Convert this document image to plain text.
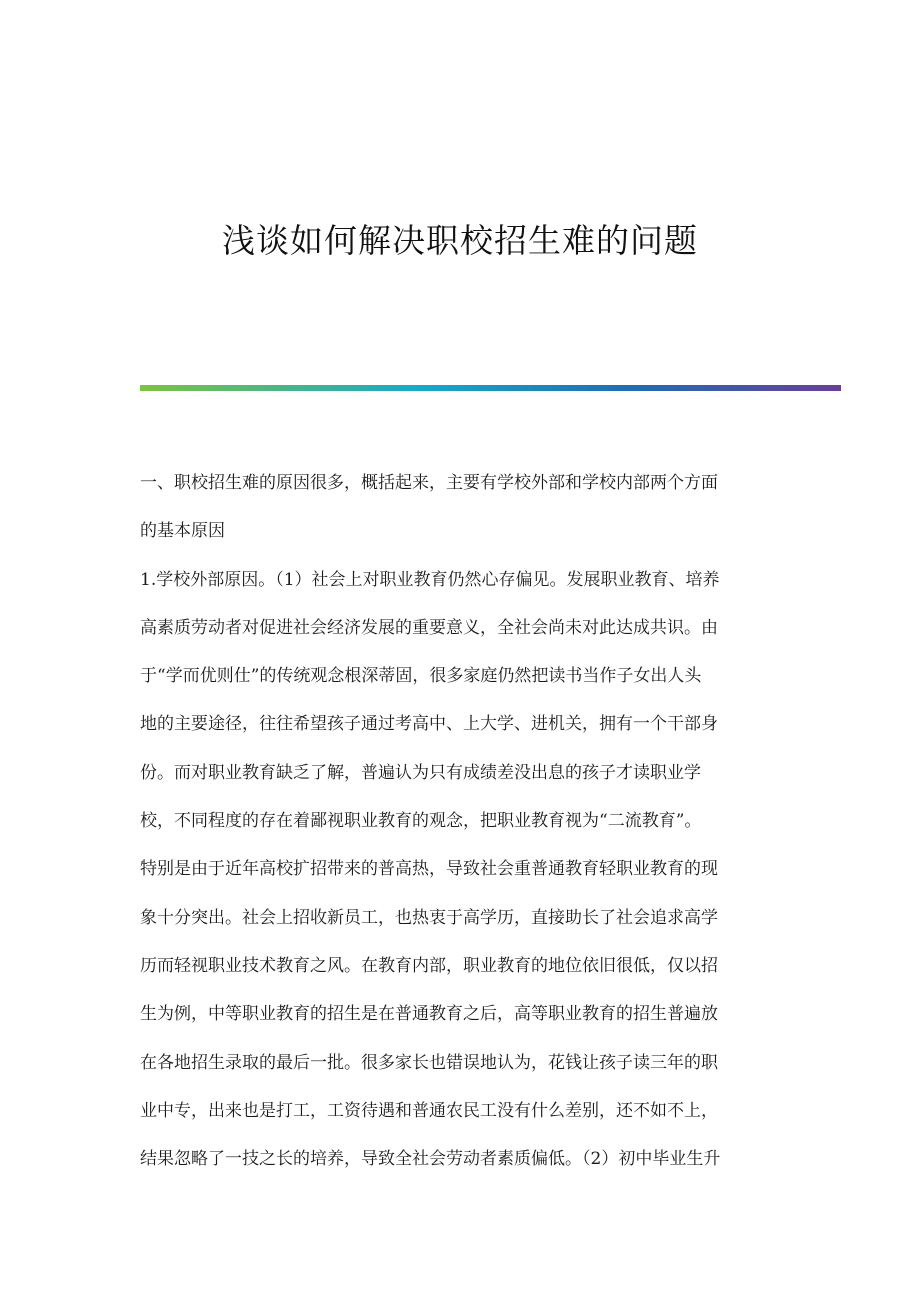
浅谈如何解决职校招生难的问题
一、职校招生难的原因很多，概括起来，主要有学校外部和学校内部两个方面
的基本原因
1.学校外部原因。（1）社会上对职业教育仍然心存偏见。发展职业教育、培养
高素质劳动者对促进社会经济发展的重要意义，全社会尚未对此达成共识。由
于“学而优则仕”的传统观念根深蒂固，很多家庭仍然把读书当作子女出人头
地的主要途径，往往希望孩子通过考高中、上大学、进机关，拥有一个干部身
份。而对职业教育缺乏了解，普遍认为只有成绩差没出息的孩子才读职业学
校，不同程度的存在着鄙视职业教育的观念，把职业教育视为“二流教育”。
特别是由于近年高校扩招带来的普高热，导致社会重普通教育轻职业教育的现
象十分突出。社会上招收新员工，也热衷于高学历，直接助长了社会追求高学
历而轻视职业技术教育之风。在教育内部，职业教育的地位依旧很低，仅以招
生为例，中等职业教育的招生是在普通教育之后，高等职业教育的招生普遍放
在各地招生录取的最后一批。很多家长也错误地认为，花钱让孩子读三年的职
业中专，出来也是打工，工资待遇和普通农民工没有什么差别，还不如不上，
结果忽略了一技之长的培养，导致全社会劳动者素质偏低。（2）初中毕业生升
